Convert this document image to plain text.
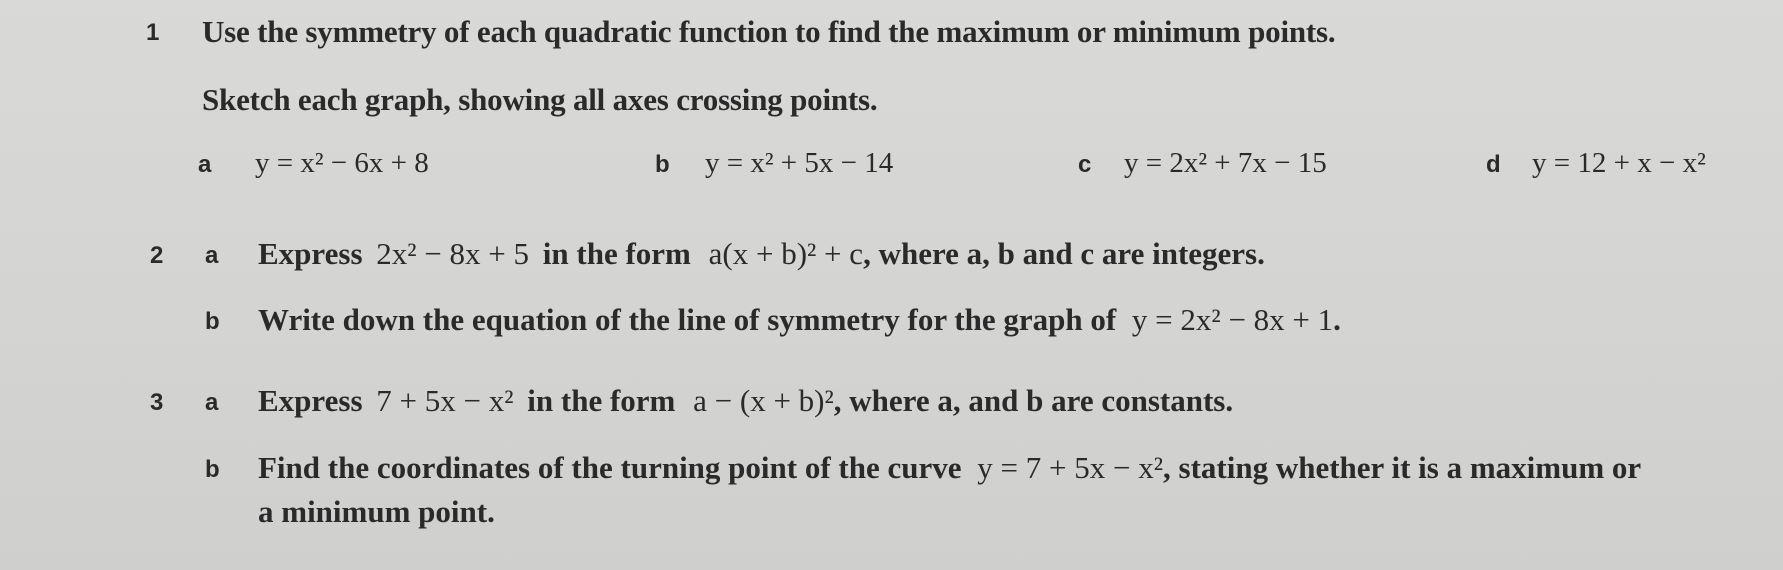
1 Use the symmetry of each quadratic function to find the maximum or minimum points.
Sketch each graph, showing all axes crossing points.
a y = x² − 6x + 8	b y = x² + 5x − 14	c y = 2x² + 7x − 15	d y = 12 + x − x²
2 a Express 2x² − 8x + 5 in the form a(x + b)² + c, where a, b and c are integers.
b Write down the equation of the line of symmetry for the graph of y = 2x² − 8x + 1.
3 a Express 7 + 5x − x² in the form a − (x + b)², where a, and b are constants.
b Find the coordinates of the turning point of the curve y = 7 + 5x − x², stating whether it is a maximum or
a minimum point.
